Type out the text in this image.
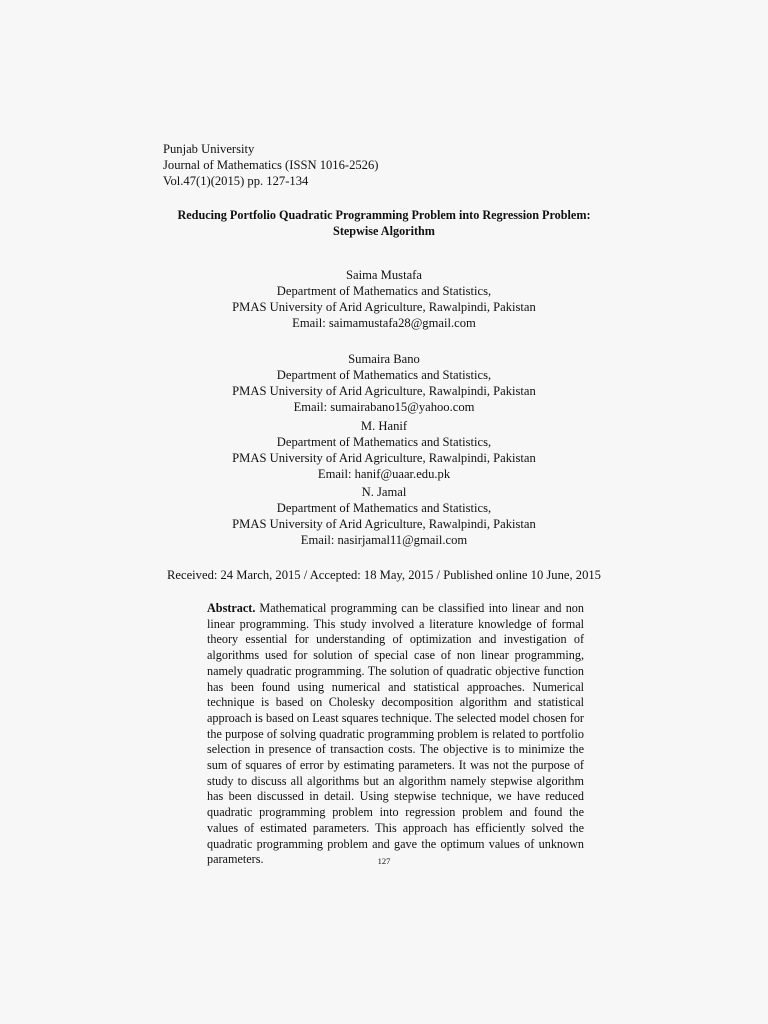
Punjab University
Journal of Mathematics (ISSN 1016-2526)
Vol.47(1)(2015) pp. 127-134
Reducing Portfolio Quadratic Programming Problem into Regression Problem:
Stepwise Algorithm
Saima Mustafa
Department of Mathematics and Statistics,
PMAS University of Arid Agriculture, Rawalpindi, Pakistan
Email: saimamustafa28@gmail.com
Sumaira Bano
Department of Mathematics and Statistics,
PMAS University of Arid Agriculture, Rawalpindi, Pakistan
Email: sumairabano15@yahoo.com
M. Hanif
Department of Mathematics and Statistics,
PMAS University of Arid Agriculture, Rawalpindi, Pakistan
Email: hanif@uaar.edu.pk
N. Jamal
Department of Mathematics and Statistics,
PMAS University of Arid Agriculture, Rawalpindi, Pakistan
Email: nasirjamal11@gmail.com
Received: 24 March, 2015 / Accepted: 18 May, 2015 / Published online 10 June, 2015
Abstract. Mathematical programming can be classified into linear and non linear programming. This study involved a literature knowledge of formal theory essential for understanding of optimization and investigation of algorithms used for solution of special case of non linear programming, namely quadratic programming. The solution of quadratic objective function has been found using numerical and statistical approaches. Numerical technique is based on Cholesky decomposition algorithm and statistical approach is based on Least squares technique. The selected model chosen for the purpose of solving quadratic programming problem is related to portfolio selection in presence of transaction costs. The objective is to minimize the sum of squares of error by estimating parameters. It was not the purpose of study to discuss all algorithms but an algorithm namely stepwise algorithm has been discussed in detail. Using stepwise technique, we have reduced quadratic programming problem into regression problem and found the values of estimated parameters. This approach has efficiently solved the quadratic programming problem and gave the optimum values of unknown parameters.	127
